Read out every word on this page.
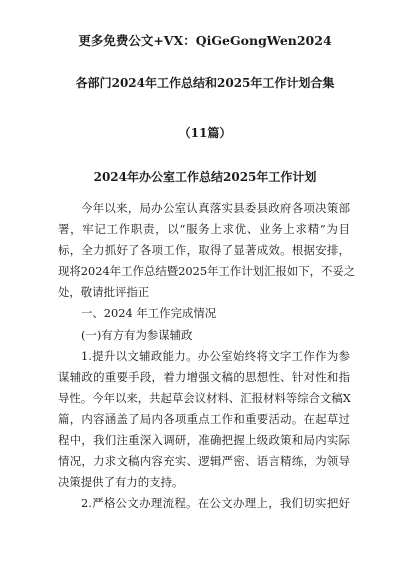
更多免费公文+VX：QiGeGongWen2024
各部门2024年工作总结和2025年工作计划合集
（11篇）
2024年办公室工作总结2025年工作计划
今年以来，局办公室认真落实县委县政府各项决策部
署，牢记工作职责，以“服务上求优、业务上求精”为目
标，全力抓好了各项工作，取得了显著成效。根据安排，
现将2024年工作总结暨2025年工作计划汇报如下，不妥之
处，敬请批评指正
一、2024 年工作完成情况
(一)有方有为参谋辅政
1.提升以文辅政能力。办公室始终将文字工作作为参
谋辅政的重要手段，着力增强文稿的思想性、针对性和指
导性。今年以来，共起草会议材料、汇报材料等综合文稿X
篇，内容涵盖了局内各项重点工作和重要活动。在起草过
程中，我们注重深入调研，准确把握上级政策和局内实际
情况，力求文稿内容充实、逻辑严密、语言精练，为领导
决策提供了有力的支持。
2.严格公文办理流程。在公文办理上，我们切实把好
